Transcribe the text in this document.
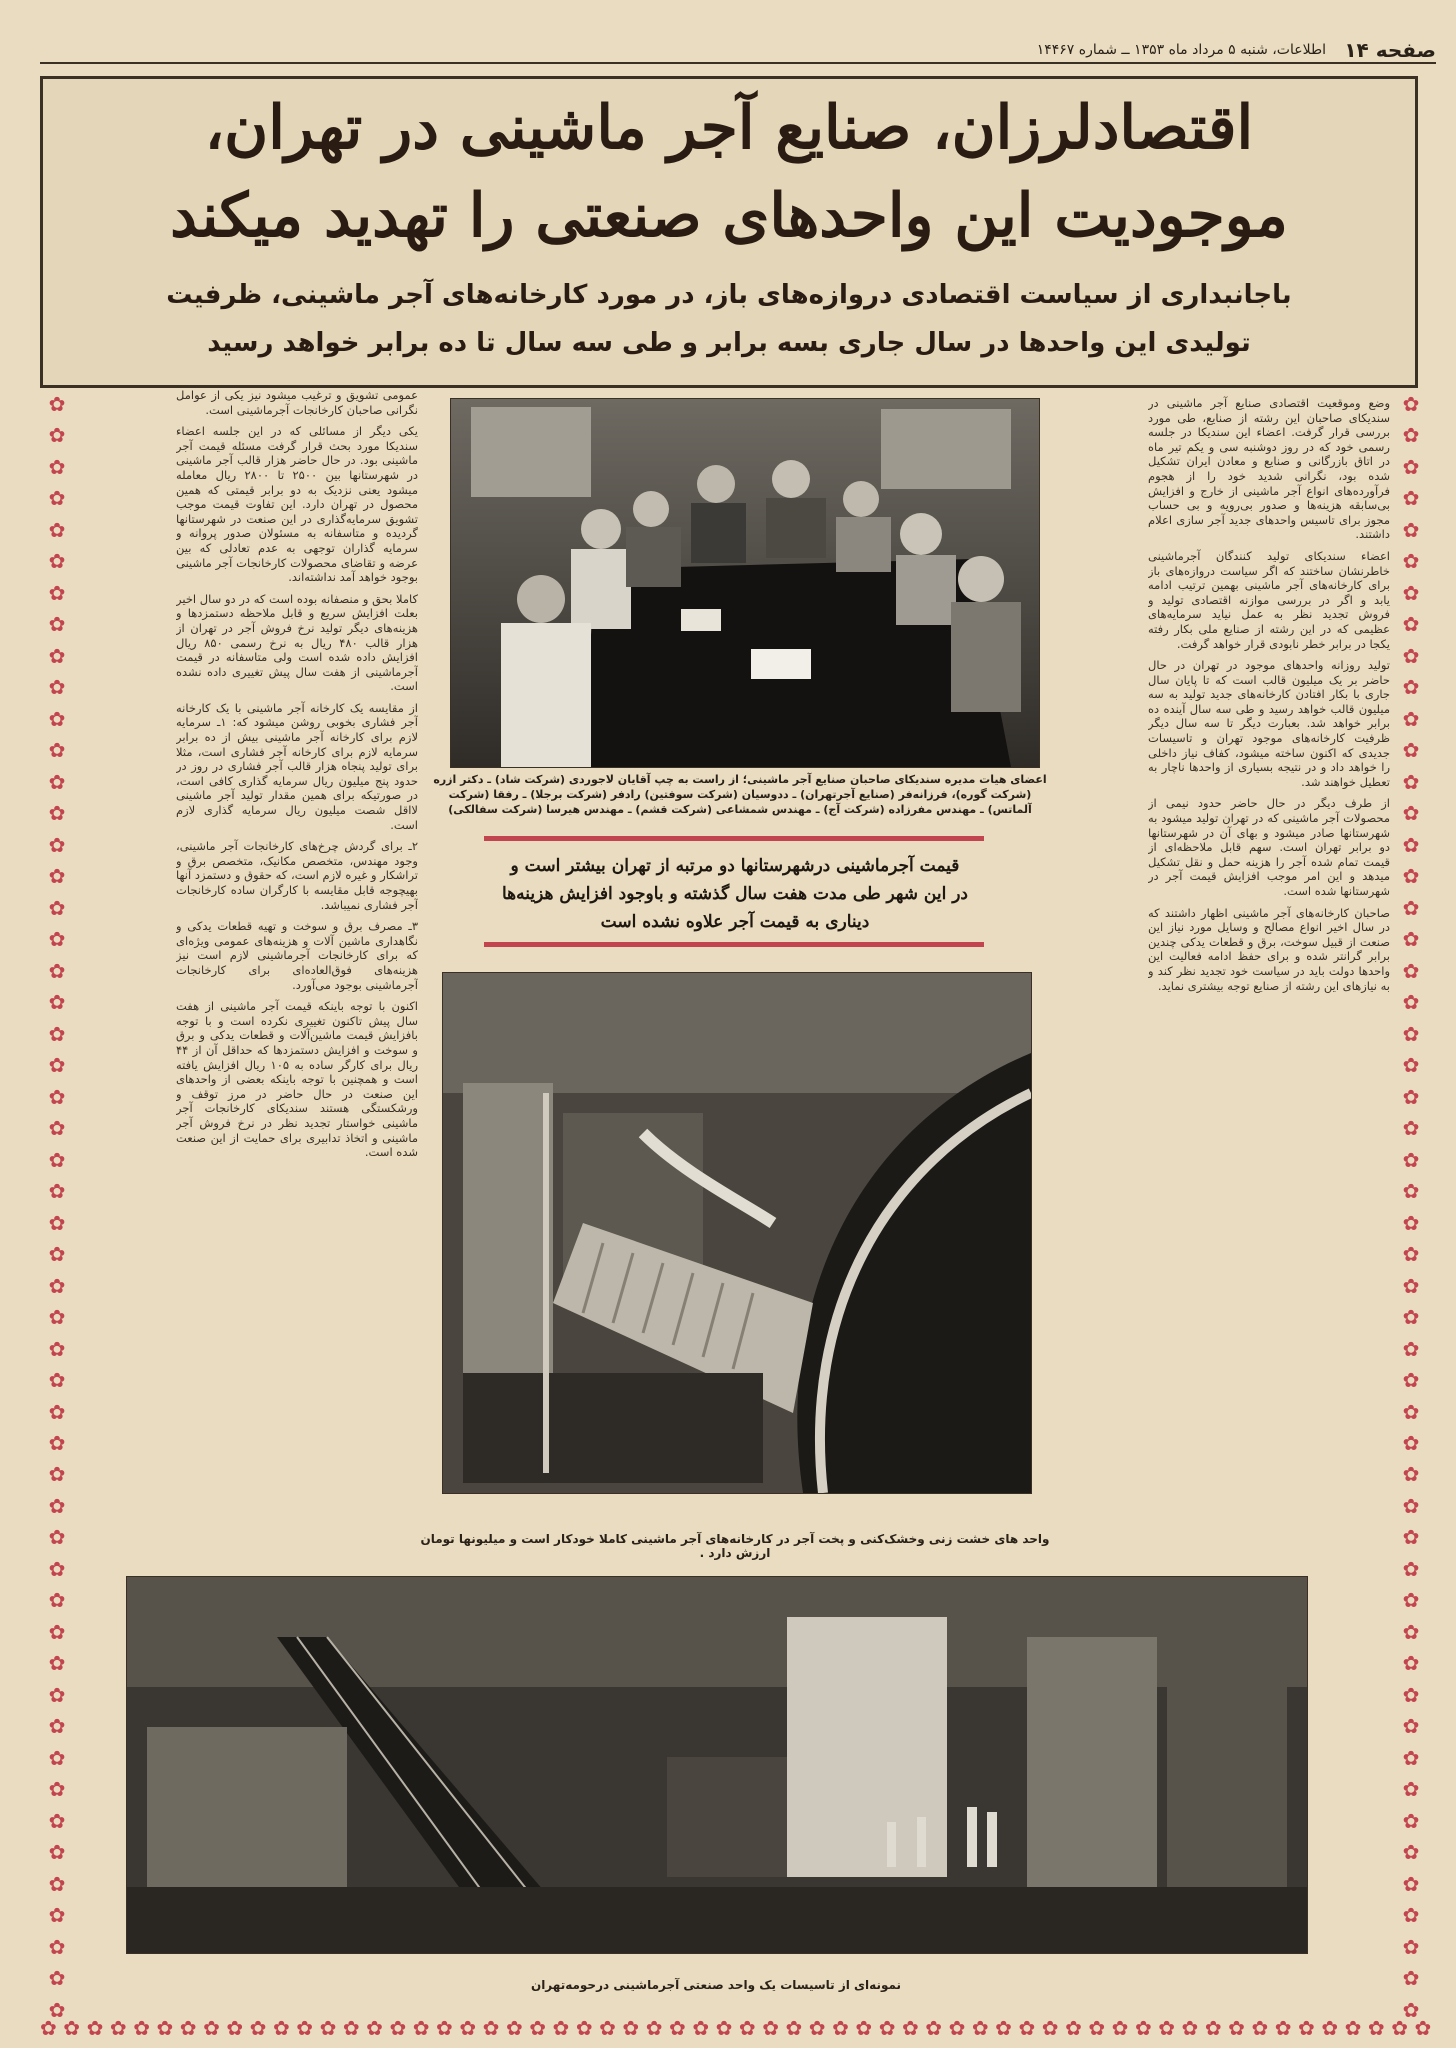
صفحه ۱۴
اطلاعات، شنبه ۵ مرداد ماه ۱۳۵۳ ــ شماره ۱۴۴۶۷
اقتصادلرزان، صنایع آجر ماشینی در تهران،
موجودیت این واحدهای صنعتی را تهدید میکند
باجانبداری از سیاست اقتصادی دروازه‌های باز، در مورد کارخانه‌های آجر ماشینی، ظرفیت
تولیدی این واحدها در سال جاری بسه برابر و طی سه سال تا ده برابر خواهد رسید
✿
✿
✿
✿
✿
✿
✿
✿
✿
✿
✿
✿
✿
✿
✿
✿
✿
✿
✿
✿
✿
✿
✿
✿
✿
✿
✿
✿
✿
✿
✿
✿
✿
✿
✿
✿
✿
✿
✿
✿
✿
✿
✿
✿
✿
✿
✿
✿
✿
✿
✿
✿
✿
✿
✿
✿
✿
✿
✿
✿
✿
✿
✿
✿
✿
✿
✿
✿
✿
✿
✿
✿
✿
✿
✿
✿
✿
✿
✿
✿
✿
✿
✿
✿
✿
✿
✿
✿
✿
✿
✿
✿
✿
✿
✿
✿
✿
✿
✿
✿
✿
✿
✿
✿
✿ ✿ ✿ ✿ ✿ ✿ ✿ ✿ ✿ ✿ ✿ ✿ ✿ ✿ ✿ ✿ ✿ ✿ ✿ ✿ ✿ ✿ ✿ ✿ ✿ ✿ ✿ ✿ ✿ ✿ ✿ ✿ ✿ ✿ ✿ ✿ ✿ ✿ ✿ ✿ ✿ ✿ ✿ ✿ ✿ ✿ ✿ ✿ ✿ ✿ ✿ ✿ ✿ ✿ ✿ ✿ ✿ ✿ ✿ ✿

وضع وموقعیت اقتصادی صنایع آجر ماشینی در سندیکای صاحبان این رشته از صنایع، طی مورد بررسی قرار گرفت. اعضاء این سندیکا در جلسه رسمی خود که در روز دوشنبه سی و یکم تیر ماه در اتاق بازرگانی و صنایع و معادن ایران تشکیل شده بود، نگرانی شدید خود را از هجوم فرآورده‌های انواع آجر ماشینی از خارج و افزایش بی‌سابقه هزینه‌ها و صدور بی‌رویه و بی حساب مجوز برای تاسیس واحدهای جدید آجر سازی اعلام داشتند.

اعضاء سندیکای تولید کنندگان آجرماشینی خاطرنشان ساختند که اگر سیاست دروازه‌های باز برای کارخانه‌های آجر ماشینی بهمین ترتیب ادامه یابد و اگر در بررسی موازنه اقتصادی تولید و فروش تجدید نظر به عمل نیاید سرمایه‌های عظیمی که در این رشته از صنایع ملی بکار رفته یکجا در برابر خطر نابودی قرار خواهد گرفت.

تولید روزانه واحدهای موجود در تهران در حال حاضر بر یک میلیون قالب است که تا پایان سال جاری با بکار افتادن کارخانه‌های جدید تولید به سه میلیون قالب خواهد رسید و طی سه سال آینده ده برابر خواهد شد. بعبارت دیگر تا سه سال دیگر ظرفیت کارخانه‌های موجود تهران و تاسیسات جدیدی که اکنون ساخته میشود، کفاف نیاز داخلی را خواهد داد و در نتیجه بسیاری از واحدها ناچار به تعطیل خواهند شد.

از طرف دیگر در حال حاضر حدود نیمی از محصولات آجر ماشینی که در تهران تولید میشود به شهرستانها صادر میشود و بهای آن در شهرستانها دو برابر تهران است. سهم قابل ملاحظه‌ای از قیمت تمام شده آجر را هزینه حمل و نقل تشکیل میدهد و این امر موجب افزایش قیمت آجر در شهرستانها شده است.

صاحبان کارخانه‌های آجر ماشینی اظهار داشتند که در سال اخیر انواع مصالح و وسایل مورد نیاز این صنعت از قبیل سوخت، برق و قطعات یدکی چندین برابر گرانتر شده و برای حفظ ادامه فعالیت این واحدها دولت باید در سیاست خود تجدید نظر کند و به نیازهای این رشته از صنایع توجه بیشتری نماید.

عمومی تشویق و ترغیب میشود نیز یکی از عوامل نگرانی صاحبان کارخانجات آجرماشینی است.

یکی دیگر از مسائلی که در این جلسه اعضاء سندیکا مورد بحث قرار گرفت مسئله قیمت آجر ماشینی بود. در حال حاضر هزار قالب آجر ماشینی در شهرستانها بین ۲۵۰۰ تا ۲۸۰۰ ریال معامله میشود یعنی نزدیک به دو برابر قیمتی که همین محصول در تهران دارد. این تفاوت قیمت موجب تشویق سرمایه‌گذاری در این صنعت در شهرستانها گردیده و متاسفانه به مسئولان صدور پروانه و سرمایه گذاران توجهی به عدم تعادلی که بین عرضه و تقاضای محصولات کارخانجات آجر ماشینی بوجود خواهد آمد نداشته‌اند.

کاملا بحق و منصفانه بوده است که در دو سال اخیر بعلت افزایش سریع و قابل ملاحظه دستمزدها و هزینه‌های دیگر تولید نرخ فروش آجر در تهران از هزار قالب ۴۸۰ ریال به نرخ رسمی ۸۵۰ ریال افزایش داده شده است ولی متاسفانه در قیمت آجرماشینی از هفت سال پیش تغییری داده نشده است.

از مقایسه یک کارخانه آجر ماشینی با یک کارخانه آجر فشاری بخوبی روشن میشود که: ۱ـ سرمایه لازم برای کارخانه آجر ماشینی بیش از ده برابر سرمایه لازم برای کارخانه آجر فشاری است، مثلا برای تولید پنجاه هزار قالب آجر فشاری در روز در حدود پنج میلیون ریال سرمایه گذاری کافی است، در صورتیکه برای همین مقدار تولید آجر ماشینی لااقل شصت میلیون ریال سرمایه گذاری لازم است.

۲ـ برای گردش چرخ‌های کارخانجات آجر ماشینی، وجود مهندس، متخصص مکانیک، متخصص برق و تراشکار و غیره لازم است، که حقوق و دستمزد آنها بهیچوجه قابل مقایسه با کارگران ساده کارخانجات آجر فشاری نمیباشد.

۳ـ مصرف برق و سوخت و تهیه قطعات یدکی و نگاهداری ماشین آلات و هزینه‌های عمومی ویژه‌ای که برای کارخانجات آجرماشینی لازم است نیز هزینه‌های فوق‌العاده‌ای برای کارخانجات آجرماشینی بوجود می‌آورد.

اکنون با توجه باینکه قیمت آجر ماشینی از هفت سال پیش تاکنون تغییری نکرده است و با توجه بافزایش قیمت ماشین‌آلات و قطعات یدکی و برق و سوخت و افزایش دستمزدها که حداقل آن از ۴۴ ریال برای کارگر ساده به ۱۰۵ ریال افزایش یافته است و همچنین با توجه باینکه بعضی از واحدهای این صنعت در حال حاضر در مرز توقف و ورشکستگی هستند سندیکای کارخانجات آجر ماشینی خواستار تجدید نظر در نرخ فروش آجر ماشینی و اتخاذ تدابیری برای حمایت از این صنعت شده است.

اعضای هیات مدیره سندیکای صاحبان صنایع آجر ماشینی؛ از راست به چپ آقایان لاجوردی (شرکت شاد) ـ دکتر ازره (شرکت گوره)، فرزانه‌فر (صنایع آجرتهران) ـ ددوسیان (شرکت سوفتین) رادفر (شرکت برجلا) ـ رفقا (شرکت آلماتس) ـ مهندس مفرزاده (شرکت آج) ـ مهندس شمشاعی (شرکت قشم) ـ مهندس هیرسا (شرکت سفالکی)
قیمت آجرماشینی درشهرستانها دو مرتبه از تهران بیشتر است و
در این شهر طی مدت هفت سال گذشته و باوجود افزایش هزینه‌ها
دیناری به قیمت آجر علاوه نشده است
واحد های خشت زنی وخشک‌کنی و پخت آجر در کارخانه‌های آجر ماشینی کاملا خودکار است و میلیونها تومان ارزش دارد .
نمونه‌ای از تاسیسات یک واحد صنعتی آجرماشینی درحومه‌تهران
